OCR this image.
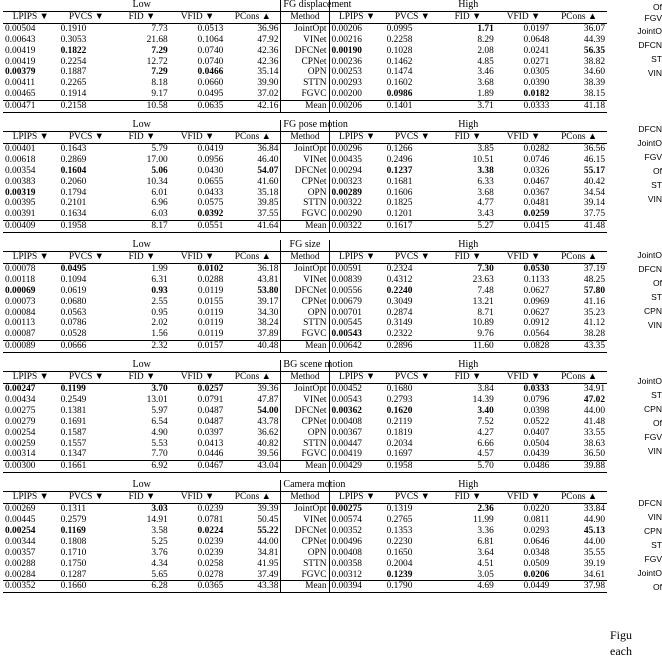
Low					FG displacement	High				
LPIPS ▼	PVCS ▼	FID ▼	VFID ▼	PCons ▲	Method	LPIPS ▼	PVCS ▼	FID ▼	VFID ▼	PCons ▲
0.00504	0.1910	7.73	0.0513	36.96	JointOpt	0.00206	0.0995	1.71	0.0197	36.07
0.00643	0.3053	21.68	0.1064	47.92	VINet	0.00216	0.2258	8.29	0.0648	44.39
0.00419	0.1822	7.29	0.0740	42.36	DFCNet	0.00190	0.1028	2.08	0.0241	56.35
0.00419	0.2254	12.72	0.0740	42.36	CPNet	0.00236	0.1462	4.85	0.0271	38.82
0.00379	0.1887	7.29	0.0466	35.14	OPN	0.00253	0.1474	3.46	0.0305	34.60
0.00411	0.2265	8.18	0.0660	39.90	STTN	0.00293	0.1602	3.68	0.0390	38.39
0.00465	0.1914	9.17	0.0495	37.02	FGVC	0.00200	0.0986	1.89	0.0182	38.15
0.00471	0.2158	10.58	0.0635	42.16	Mean	0.00206	0.1401	3.71	0.0333	41.18
Low					FG pose motion	High				
LPIPS ▼	PVCS ▼	FID ▼	VFID ▼	PCons ▲	Method	LPIPS ▼	PVCS ▼	FID ▼	VFID ▼	PCons ▲
0.00401	0.1643	5.79	0.0419	36.84	JointOpt	0.00296	0.1266	3.85	0.0282	36.56
0.00618	0.2869	17.00	0.0956	46.40	VINet	0.00435	0.2496	10.51	0.0746	46.15
0.00354	0.1604	5.06	0.0430	54.07	DFCNet	0.00294	0.1237	3.38	0.0326	55.17
0.00383	0.2060	10.34	0.0655	41.60	CPNet	0.00323	0.1681	6.33	0.0467	40.42
0.00319	0.1794	6.01	0.0433	35.18	OPN	0.00289	0.1606	3.68	0.0367	34.54
0.00395	0.2101	6.96	0.0575	39.85	STTN	0.00322	0.1825	4.77	0.0481	39.14
0.00391	0.1634	6.03	0.0392	37.55	FGVC	0.00290	0.1201	3.43	0.0259	37.75
0.00409	0.1958	8.17	0.0551	41.64	Mean	0.00322	0.1617	5.27	0.0415	41.48
Low					FG size	High				
LPIPS ▼	PVCS ▼	FID ▼	VFID ▼	PCons ▲	Method	LPIPS ▼	PVCS ▼	FID ▼	VFID ▼	PCons ▲
0.00078	0.0495	1.99	0.0102	36.18	JointOpt	0.00591	0.2324	7.30	0.0530	37.19
0.00118	0.1094	6.31	0.0288	43.81	VINet	0.00839	0.4312	23.63	0.1133	48.25
0.00069	0.0619	0.93	0.0119	53.80	DFCNet	0.00556	0.2240	7.48	0.0627	57.80
0.00073	0.0680	2.55	0.0155	39.17	CPNet	0.00679	0.3049	13.21	0.0969	41.16
0.00084	0.0563	0.95	0.0119	34.30	OPN	0.00701	0.2874	8.71	0.0627	35.23
0.00113	0.0786	2.02	0.0119	38.24	STTN	0.00545	0.3149	10.89	0.0912	41.12
0.00087	0.0528	1.56	0.0119	37.89	FGVC	0.00543	0.2322	9.76	0.0564	38.28
0.00089	0.0666	2.32	0.0157	40.48	Mean	0.00642	0.2896	11.60	0.0828	43.35
Low					BG scene motion	High				
LPIPS ▼	PVCS ▼	FID ▼	VFID ▼	PCons ▲	Method	LPIPS ▼	PVCS ▼	FID ▼	VFID ▼	PCons ▲
0.00247	0.1199	3.70	0.0257	39.36	JointOpt	0.00452	0.1680	3.84	0.0333	34.91
0.00434	0.2549	13.01	0.0791	47.87	VINet	0.00543	0.2793	14.39	0.0796	47.02
0.00275	0.1381	5.97	0.0487	54.00	DFCNet	0.00362	0.1620	3.40	0.0398	44.00
0.00279	0.1691	6.54	0.0487	43.78	CPNet	0.00408	0.2119	7.52	0.0522	41.48
0.00254	0.1587	4.90	0.0397	36.62	OPN	0.00367	0.1819	4.27	0.0407	33.55
0.00259	0.1557	5.53	0.0413	40.82	STTN	0.00447	0.2034	6.66	0.0504	38.63
0.00314	0.1347	7.70	0.0446	39.56	FGVC	0.00419	0.1697	4.57	0.0439	36.50
0.00300	0.1661	6.92	0.0467	43.04	Mean	0.00429	0.1958	5.70	0.0486	39.88
Low					Camera motion	High				
LPIPS ▼	PVCS ▼	FID ▼	VFID ▼	PCons ▲	Method	LPIPS ▼	PVCS ▼	FID ▼	VFID ▼	PCons ▲
0.00269	0.1311	3.03	0.0239	39.39	JointOpt	0.00275	0.1319	2.36	0.0220	33.84
0.00445	0.2579	14.91	0.0781	50.45	VINet	0.00574	0.2765	11.99	0.0811	44.90
0.00254	0.1169	3.58	0.0224	55.22	DFCNet	0.00352	0.1353	3.36	0.0293	45.13
0.00344	0.1808	5.25	0.0239	44.00	CPNet	0.00496	0.2230	6.81	0.0646	44.00
0.00357	0.1710	3.76	0.0239	34.81	OPN	0.00408	0.1650	3.64	0.0348	35.55
0.00288	0.1750	4.34	0.0258	41.95	STTN	0.00358	0.2004	4.51	0.0509	39.19
0.00284	0.1287	5.65	0.0278	37.49	FGVC	0.00312	0.1239	3.05	0.0206	34.61
0.00352	0.1660	6.28	0.0365	43.38	Mean	0.00394	0.1790	4.69	0.0449	37.98
Of
FGV
JointO
DFCN
ST
VIN
DFCN
JointO
FGV
Of
ST
VIN
JointO
DFCN
Of
ST
CPN
VIN
JointO
ST
CPN
Of
FGV
VIN
DFCN
VIN
CPN
ST
FGV
JointO
Of
Figu
each
